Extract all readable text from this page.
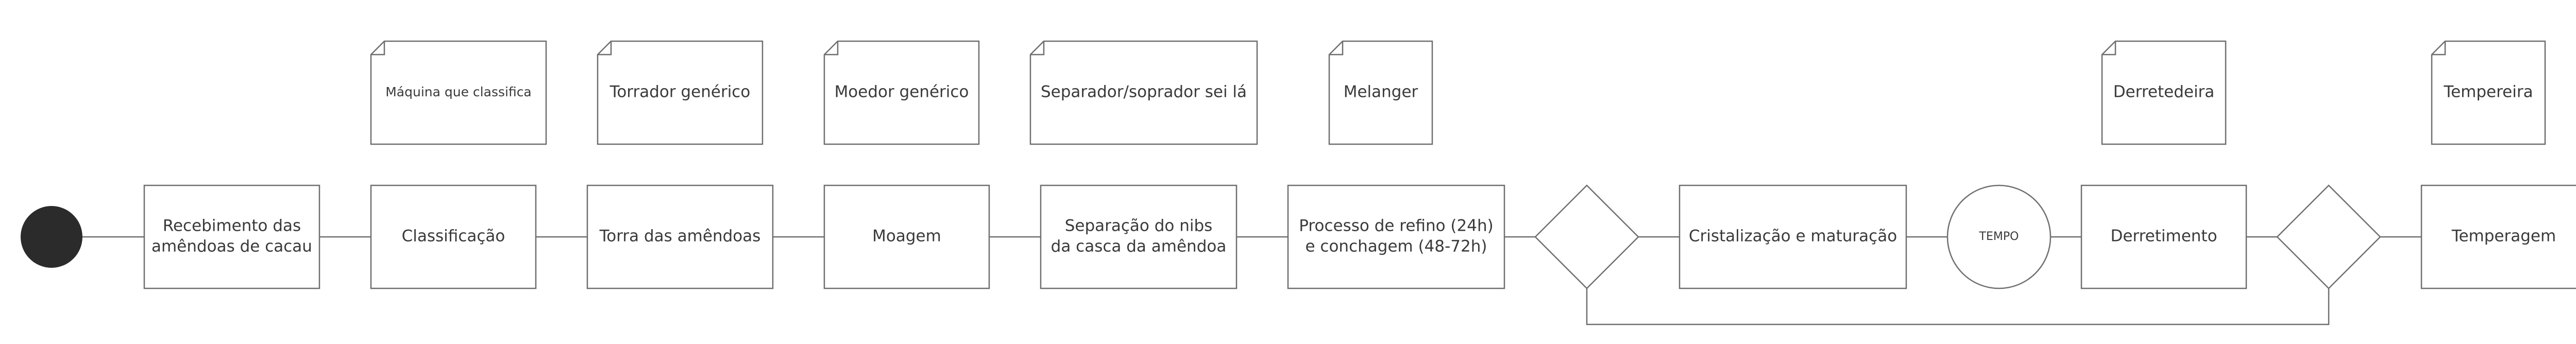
Recebimento das
amêndoas de cacau
Classificação	Torra das amêndoas	Moagem
Separação do nibs
da casca da amêndoa
Processo de refino (24h)
e conchagem (48-72h)
Cristalização e maturação	TEMPO	Derretimento	Temperagem
Máquina que classifica	Torrador genérico	Moedor genérico	Separador/soprador sei lá	Melanger	Derretedeira	Tempereira
